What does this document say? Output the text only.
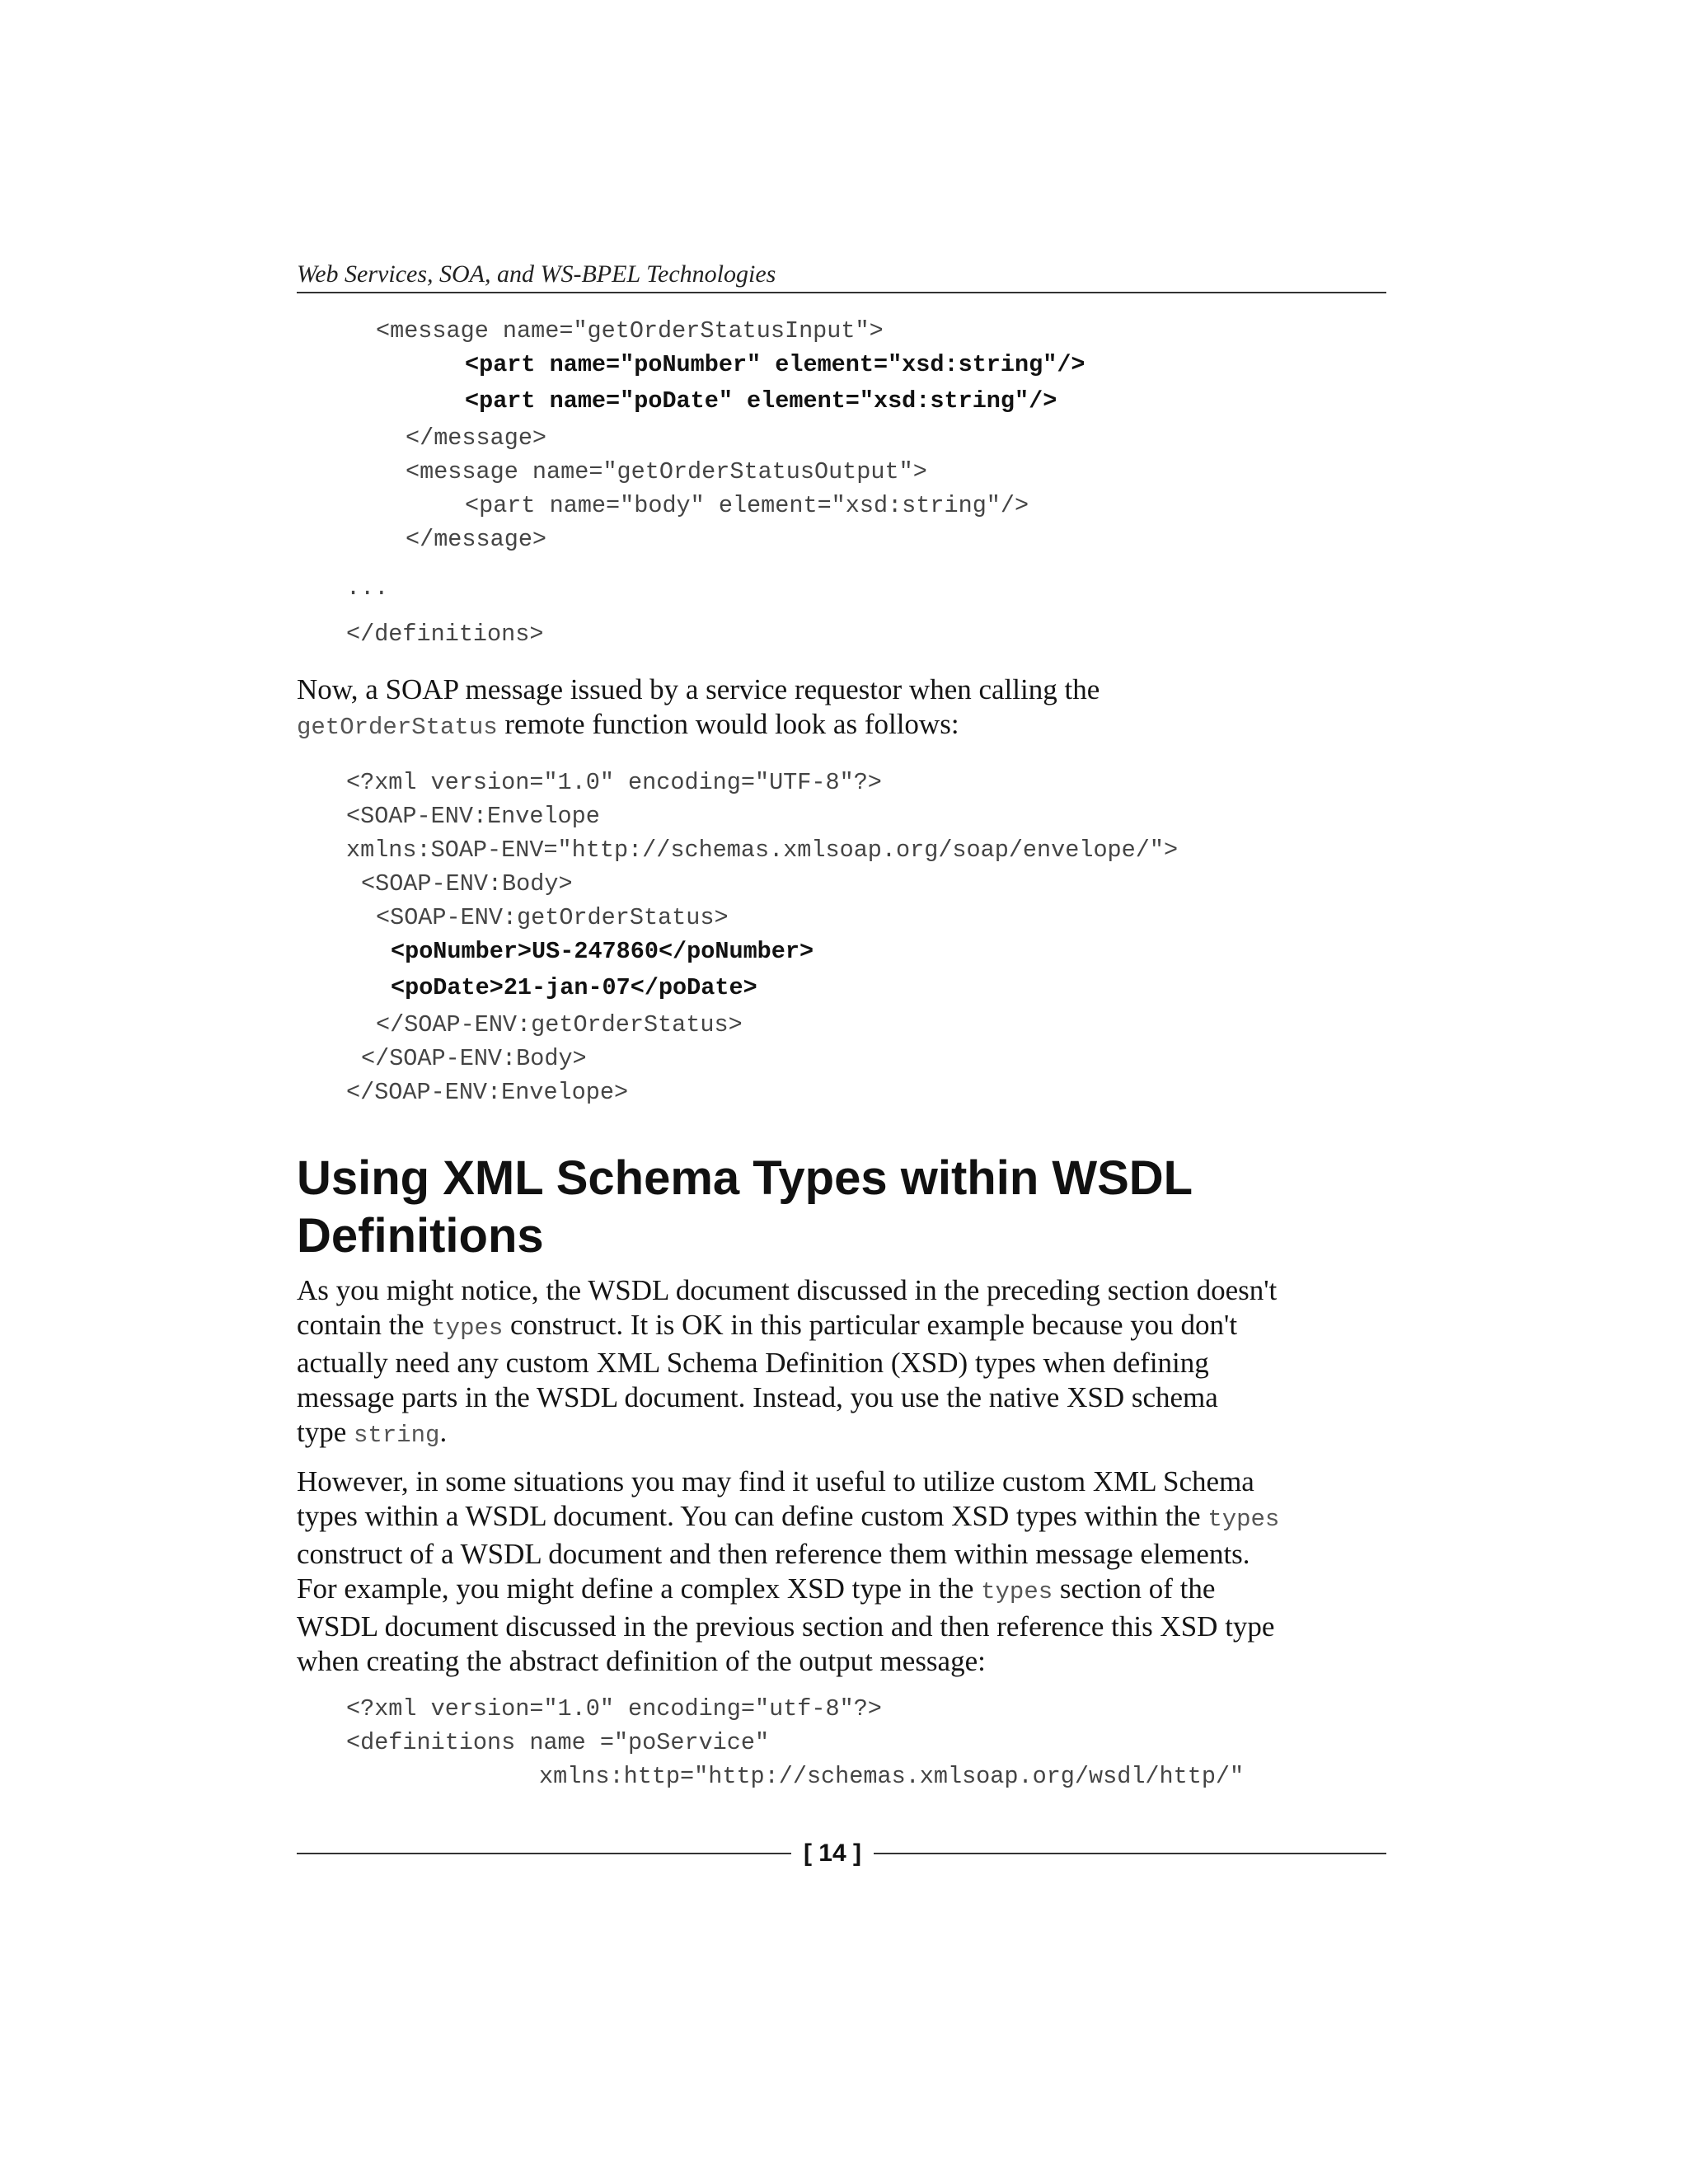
Web Services, SOA, and WS-BPEL Technologies
<message name="getOrderStatusInput">
<part name="poNumber" element="xsd:string"/>
<part name="poDate" element="xsd:string"/>
</message>
<message name="getOrderStatusOutput">
<part name="body" element="xsd:string"/>
</message>
...
</definitions>
Now, a SOAP message issued by a service requestor when calling the
getOrderStatus remote function would look as follows:
<?xml version="1.0" encoding="UTF-8"?>
<SOAP-ENV:Envelope
xmlns:SOAP-ENV="http://schemas.xmlsoap.org/soap/envelope/">
<SOAP-ENV:Body>
<SOAP-ENV:getOrderStatus>
<poNumber>US-247860</poNumber>
<poDate>21-jan-07</poDate>
</SOAP-ENV:getOrderStatus>
</SOAP-ENV:Body>
</SOAP-ENV:Envelope>
Using XML Schema Types within WSDL
Definitions
As you might notice, the WSDL document discussed in the preceding section doesn't
contain the types construct. It is OK in this particular example because you don't
actually need any custom XML Schema Definition (XSD) types when defining
message parts in the WSDL document. Instead, you use the native XSD schema
type string.
However, in some situations you may find it useful to utilize custom XML Schema
types within a WSDL document. You can define custom XSD types within the types
construct of a WSDL document and then reference them within message elements.
For example, you might define a complex XSD type in the types section of the
WSDL document discussed in the previous section and then reference this XSD type
when creating the abstract definition of the output message:
<?xml version="1.0" encoding="utf-8"?>
<definitions name ="poService"
xmlns:http="http://schemas.xmlsoap.org/wsdl/http/"
[ 14 ]
